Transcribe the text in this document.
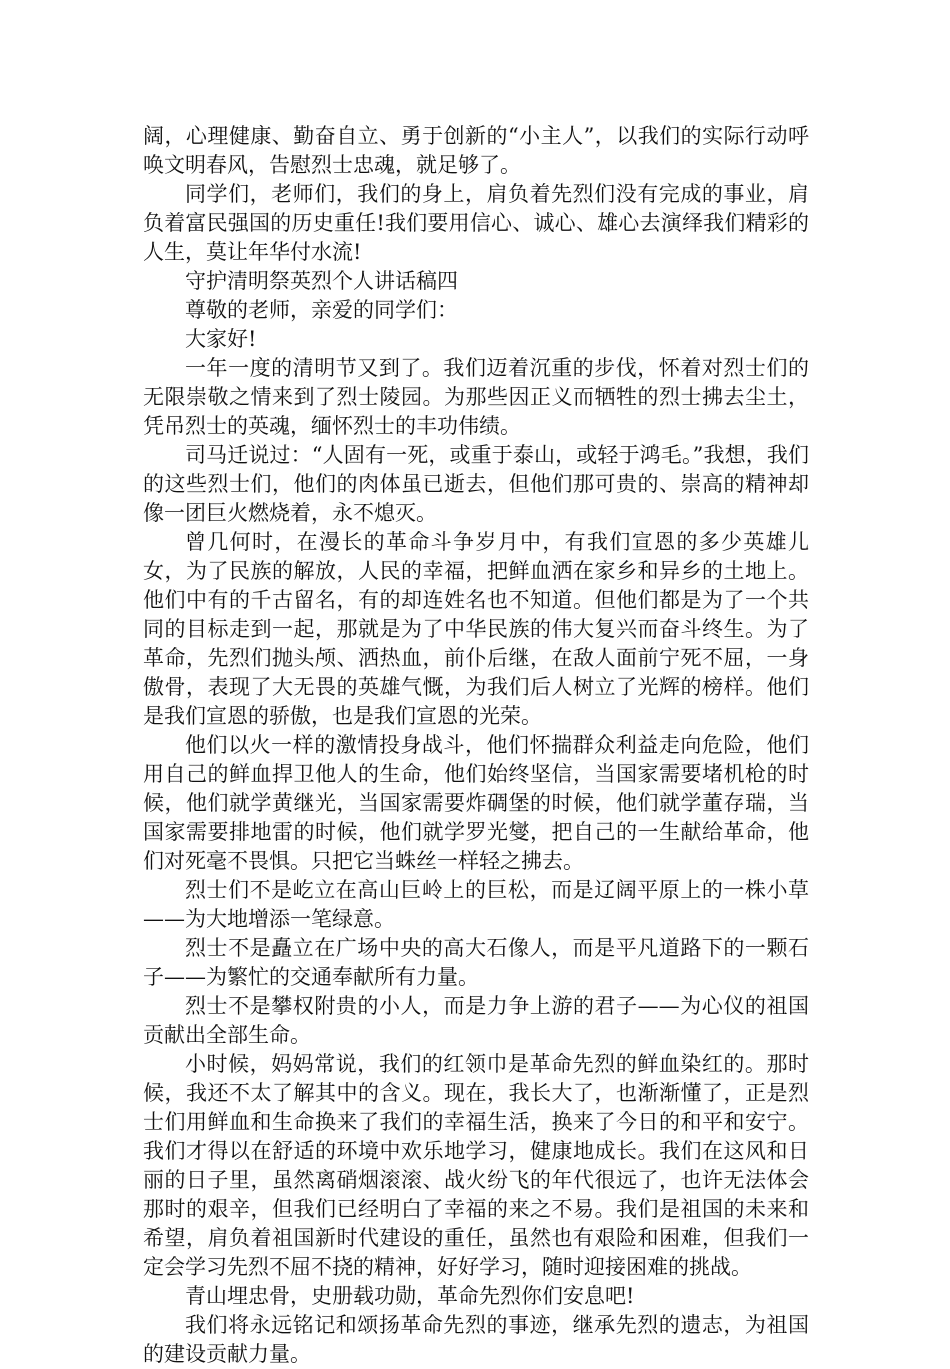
阔，心理健康、勤奋自立、勇于创新的“小主人”，以我们的实际行动呼唤文明春风，告慰烈士忠魂，就足够了。

同学们，老师们，我们的身上，肩负着先烈们没有完成的事业，肩负着富民强国的历史重任!我们要用信心、诚心、雄心去演绎我们精彩的人生，莫让年华付水流!

守护清明祭英烈个人讲话稿四

尊敬的老师，亲爱的同学们：

大家好!

一年一度的清明节又到了。我们迈着沉重的步伐，怀着对烈士们的无限崇敬之情来到了烈士陵园。为那些因正义而牺牲的烈士拂去尘土，凭吊烈士的英魂，缅怀烈士的丰功伟绩。

司马迁说过：“人固有一死，或重于泰山，或轻于鸿毛。”我想，我们的这些烈士们，他们的肉体虽已逝去，但他们那可贵的、崇高的精神却像一团巨火燃烧着，永不熄灭。

曾几何时，在漫长的革命斗争岁月中，有我们宣恩的多少英雄儿女，为了民族的解放，人民的幸福，把鲜血洒在家乡和异乡的土地上。他们中有的千古留名，有的却连姓名也不知道。但他们都是为了一个共同的目标走到一起，那就是为了中华民族的伟大复兴而奋斗终生。为了革命，先烈们抛头颅、洒热血，前仆后继，在敌人面前宁死不屈，一身傲骨，表现了大无畏的英雄气慨，为我们后人树立了光辉的榜样。他们是我们宣恩的骄傲，也是我们宣恩的光荣。

他们以火一样的激情投身战斗，他们怀揣群众利益走向危险，他们用自己的鲜血捍卫他人的生命，他们始终坚信，当国家需要堵机枪的时候，他们就学黄继光，当国家需要炸碉堡的时候，他们就学董存瑞，当国家需要排地雷的时候，他们就学罗光燮，把自己的一生献给革命，他们对死毫不畏惧。只把它当蛛丝一样轻之拂去。

烈士们不是屹立在高山巨岭上的巨松，而是辽阔平原上的一株小草——为大地增添一笔绿意。

烈士不是矗立在广场中央的高大石像人，而是平凡道路下的一颗石子——为繁忙的交通奉献所有力量。

烈士不是攀权附贵的小人，而是力争上游的君子——为心仪的祖国贡献出全部生命。

小时候，妈妈常说，我们的红领巾是革命先烈的鲜血染红的。那时候，我还不太了解其中的含义。现在，我长大了，也渐渐懂了，正是烈士们用鲜血和生命换来了我们的幸福生活，换来了今日的和平和安宁。我们才得以在舒适的环境中欢乐地学习，健康地成长。我们在这风和日丽的日子里，虽然离硝烟滚滚、战火纷飞的年代很远了，也许无法体会那时的艰辛，但我们已经明白了幸福的来之不易。我们是祖国的未来和希望，肩负着祖国新时代建设的重任，虽然也有艰险和困难，但我们一定会学习先烈不屈不挠的精神，好好学习，随时迎接困难的挑战。

青山埋忠骨，史册载功勋，革命先烈你们安息吧!

我们将永远铭记和颂扬革命先烈的事迹，继承先烈的遗志，为祖国的建设贡献力量。
